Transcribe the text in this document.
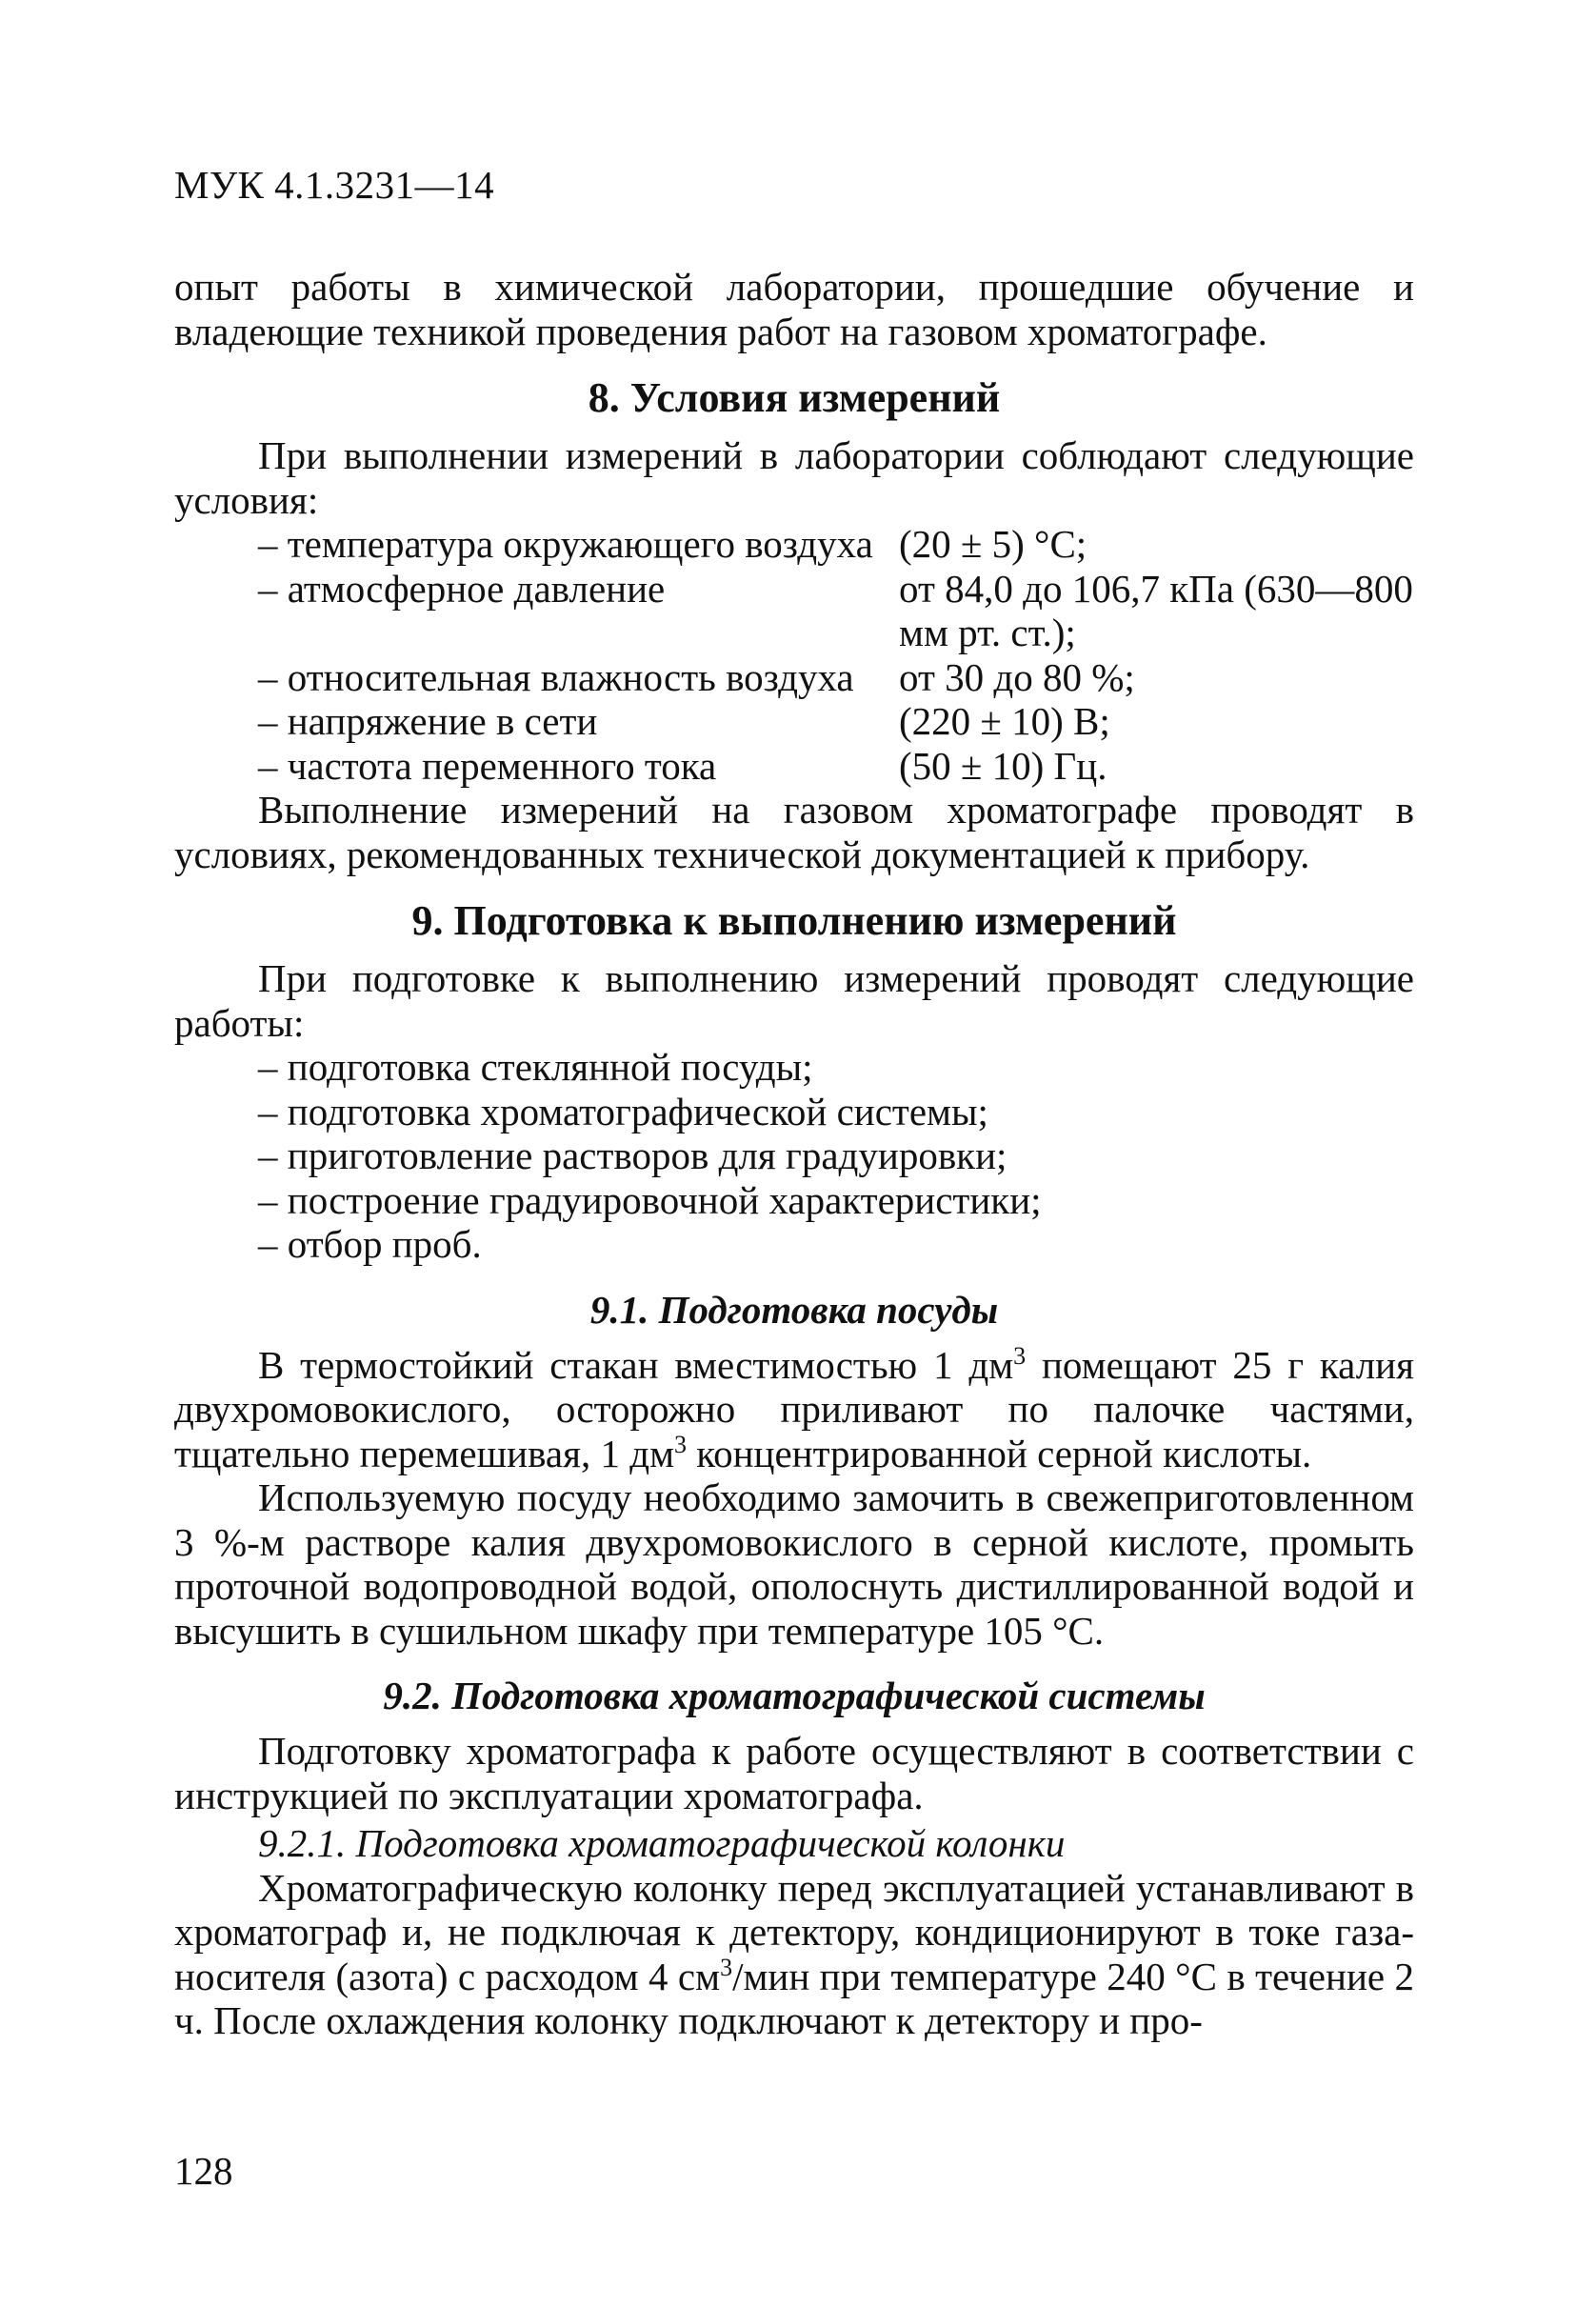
МУК 4.1.3231—14

опыт работы в химической лаборатории, прошедшие обучение и владеющие техникой проведения работ на газовом хроматографе.

8. Условия измерений

При выполнении измерений в лаборатории соблюдают следующие условия:

– температура окружающего воздуха	(20 ± 5) °С;
– атмосферное давление	от 84,0 до 106,7 кПа (630—800 мм рт. ст.);
– относительная влажность воздуха	от 30 до 80 %;
– напряжение в сети	(220 ± 10) В;
– частота переменного тока	(50 ± 10) Гц.

Выполнение измерений на газовом хроматографе проводят в условиях, рекомендованных технической документацией к прибору.

9. Подготовка к выполнению измерений

При подготовке к выполнению измерений проводят следующие работы:

– подготовка стеклянной посуды;
– подготовка хроматографической системы;
– приготовление растворов для градуировки;
– построение градуировочной характеристики;
– отбор проб.
9.1. Подготовка посуды

В термостойкий стакан вместимостью 1 $дм^3$ помещают 25 г калия двухромовокислого, осторожно приливают по палочке частями, тщательно перемешивая, 1 $дм^3$ концентрированной серной кислоты.

Используемую посуду необходимо замочить в свежеприготовленном 3 %-м растворе калия двухромовокислого в серной кислоте, промыть проточной водопроводной водой, ополоснуть дистиллированной водой и высушить в сушильном шкафу при температуре 105 °С.

9.2. Подготовка хроматографической системы

Подготовку хроматографа к работе осуществляют в соответствии с инструкцией по эксплуатации хроматографа.

9.2.1. Подготовка хроматографической колонки

Хроматографическую колонку перед эксплуатацией устанавливают в хроматограф и, не подключая к детектору, кондиционируют в токе газа-носителя (азота) с расходом 4 $см^3$/мин при температуре 240 °С в течение 2 ч. После охлаждения колонку подключают к детектору и про-

128
